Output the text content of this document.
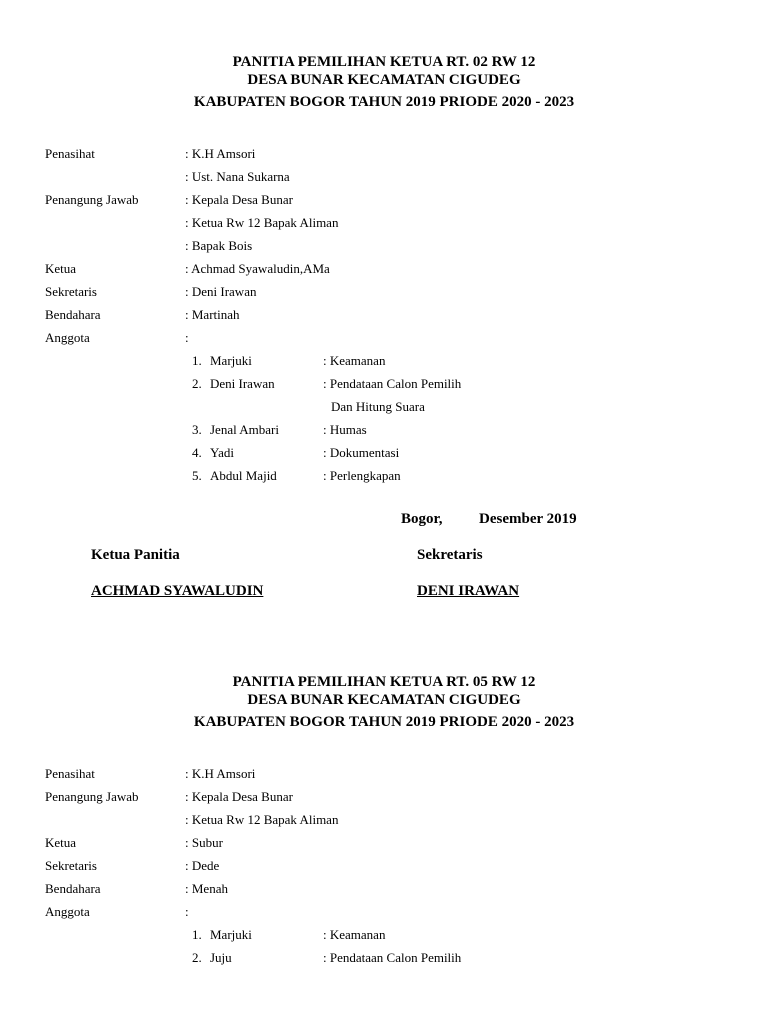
PANITIA PEMILIHAN KETUA RT. 02 RW 12
DESA BUNAR KECAMATAN CIGUDEG
KABUPATEN BOGOR TAHUN 2019 PRIODE 2020 - 2023
Penasihat	: K.H Amsori
: Ust. Nana Sukarna
Penangung Jawab	: Kepala Desa Bunar
: Ketua Rw 12 Bapak Aliman
: Bapak Bois
Ketua	: Achmad Syawaludin,AMa
Sekretaris	: Deni Irawan
Bendahara	: Martinah
Anggota	:
1. Marjuki	: Keamanan
2. Deni Irawan	: Pendataan Calon Pemilih
Dan Hitung Suara
3. Jenal Ambari	: Humas
4. Yadi	: Dokumentasi
5. Abdul Majid	: Perlengkapan
Bogor, Desember 2019
Ketua Panitia	Sekretaris
ACHMAD SYAWALUDIN	DENI IRAWAN
PANITIA PEMILIHAN KETUA RT. 05 RW 12
DESA BUNAR KECAMATAN CIGUDEG
KABUPATEN BOGOR TAHUN 2019 PRIODE 2020 - 2023
Penasihat	: K.H Amsori
Penangung Jawab	: Kepala Desa Bunar
: Ketua Rw 12 Bapak Aliman
Ketua	: Subur
Sekretaris	: Dede
Bendahara	: Menah
Anggota	:
1. Marjuki	: Keamanan
2. Juju	: Pendataan Calon Pemilih
